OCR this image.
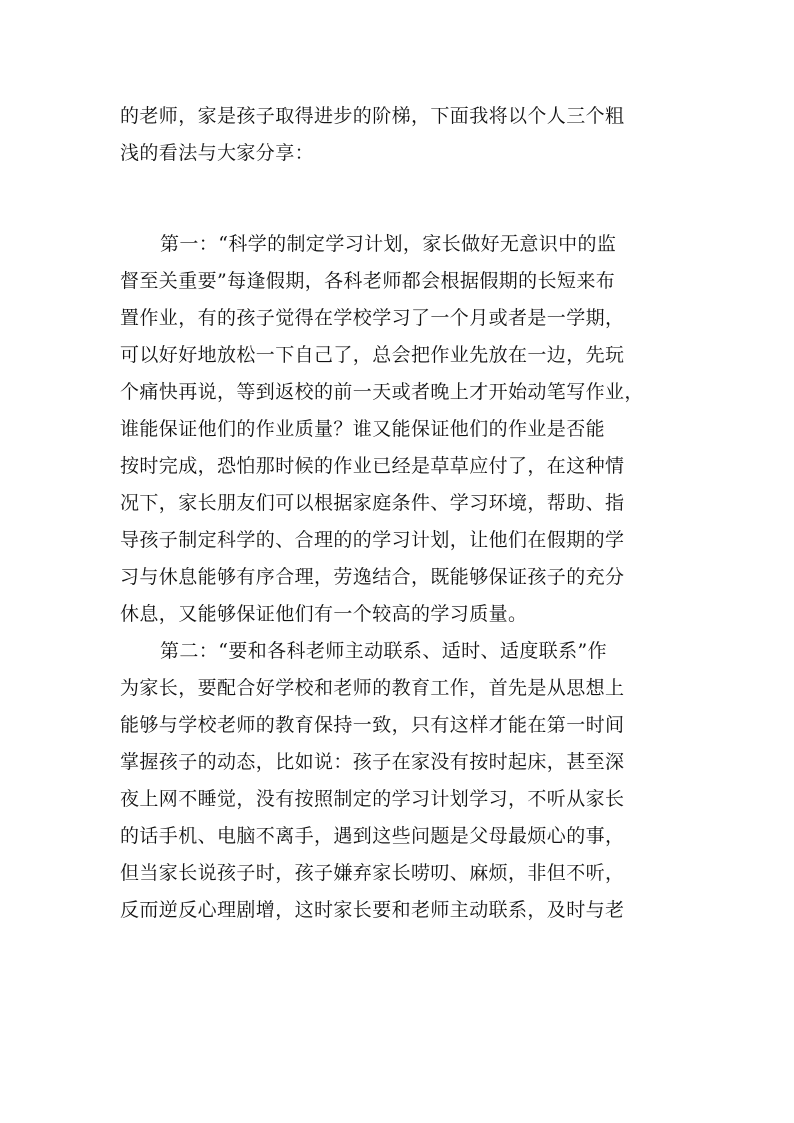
的老师，家是孩子取得进步的阶梯，下面我将以个人三个粗
浅的看法与大家分享：
第一：“科学的制定学习计划，家长做好无意识中的监
督至关重要”每逢假期，各科老师都会根据假期的长短来布
置作业，有的孩子觉得在学校学习了一个月或者是一学期，
可以好好地放松一下自己了，总会把作业先放在一边，先玩
个痛快再说，等到返校的前一天或者晚上才开始动笔写作业，
谁能保证他们的作业质量？谁又能保证他们的作业是否能
按时完成，恐怕那时候的作业已经是草草应付了，在这种情
况下，家长朋友们可以根据家庭条件、学习环境，帮助、指
导孩子制定科学的、合理的的学习计划，让他们在假期的学
习与休息能够有序合理，劳逸结合，既能够保证孩子的充分
休息，又能够保证他们有一个较高的学习质量。
第二：“要和各科老师主动联系、适时、适度联系”作
为家长，要配合好学校和老师的教育工作，首先是从思想上
能够与学校老师的教育保持一致，只有这样才能在第一时间
掌握孩子的动态，比如说：孩子在家没有按时起床，甚至深
夜上网不睡觉，没有按照制定的学习计划学习，不听从家长
的话手机、电脑不离手，遇到这些问题是父母最烦心的事，
但当家长说孩子时，孩子嫌弃家长唠叨、麻烦，非但不听，
反而逆反心理剧增，这时家长要和老师主动联系，及时与老
